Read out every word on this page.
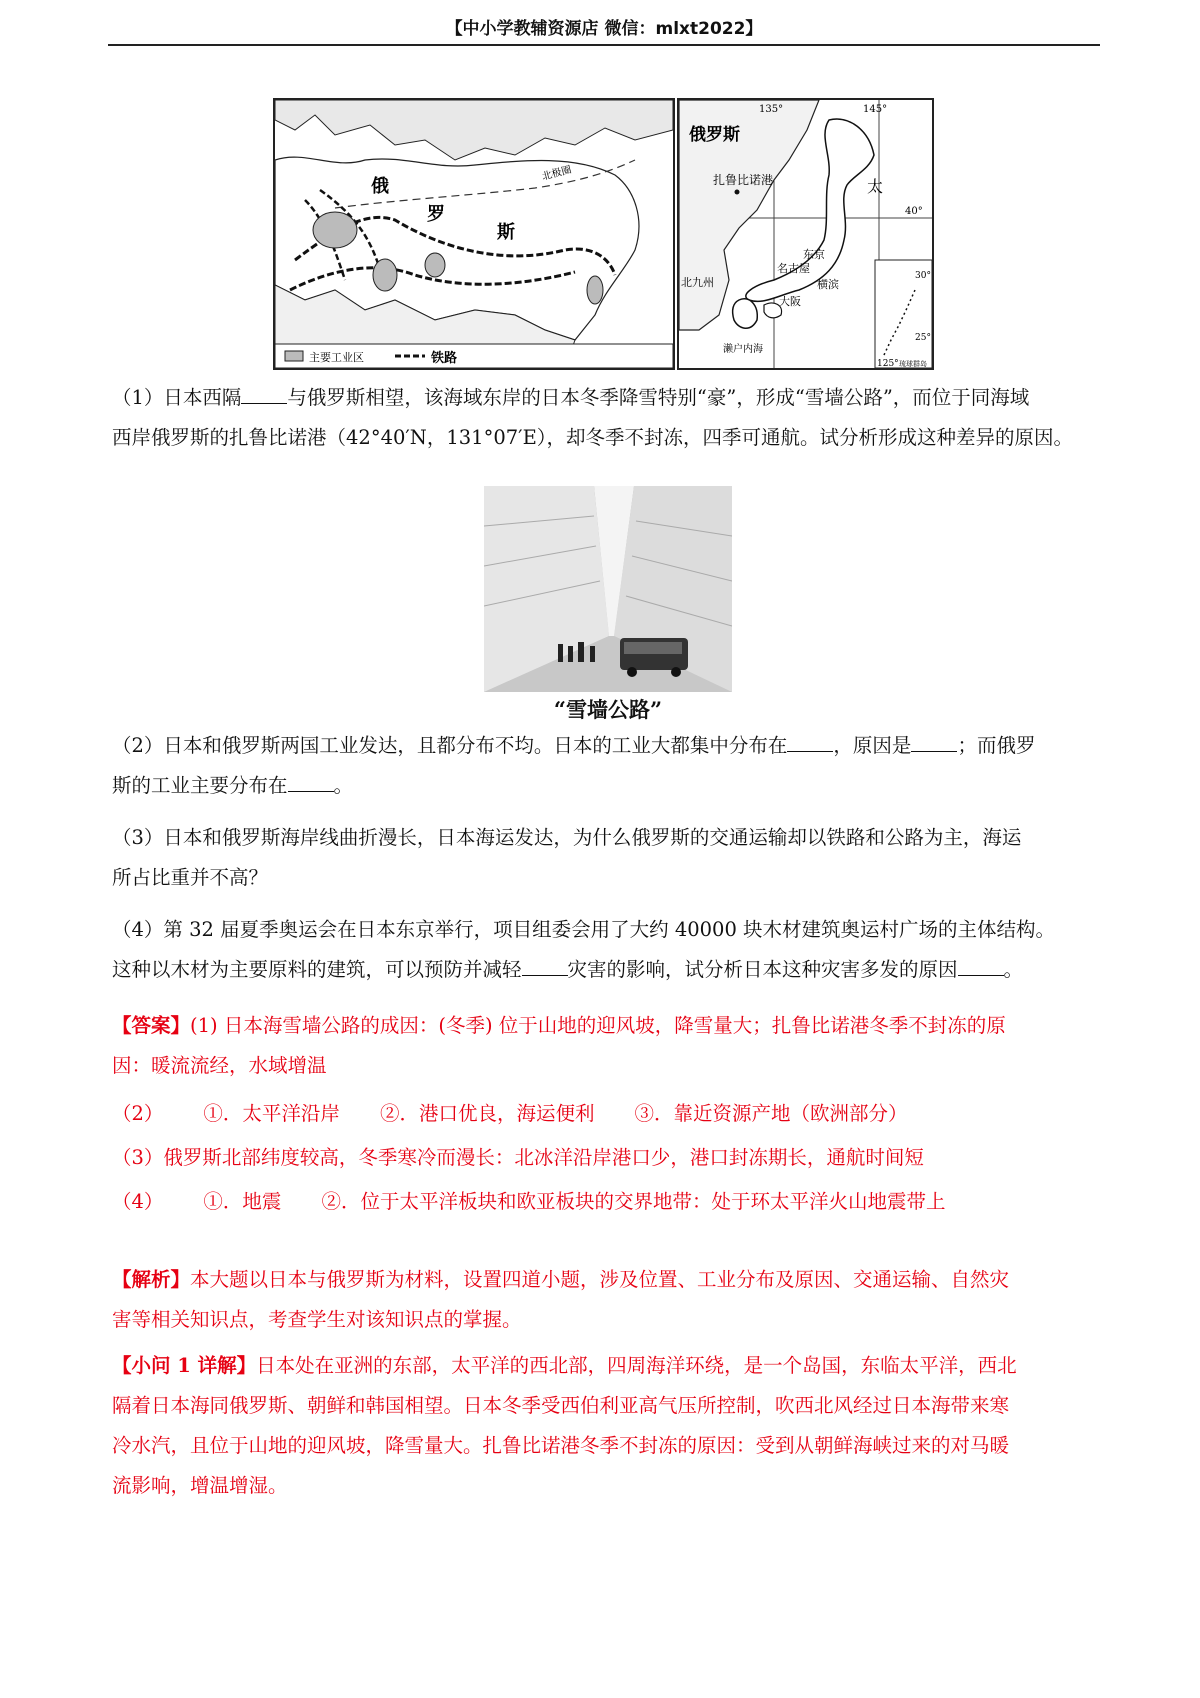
【中小学教辅资源店 微信：mlxt2022】
俄
罗
斯
北极圈
主要工业区	铁路
135°	145°
40°
30°
25°
125°
俄罗斯
扎鲁比诺港	太
东京
名古屋
横滨
北九州
大阪
濑户内海
琉球群岛
（1）日本西隔 与俄罗斯相望，该海域东岸的日本冬季降雪特别“豪”，形成“雪墙公路”，而位于同海域
西岸俄罗斯的扎鲁比诺港（42°40′N，131°07′E），却冬季不封冻，四季可通航。试分析形成这种差异的原因。
“雪墙公路”
（2）日本和俄罗斯两国工业发达，且都分布不均。日本的工业大都集中分布在 ，原因是 ；而俄罗
斯的工业主要分布在 。
（3）日本和俄罗斯海岸线曲折漫长，日本海运发达，为什么俄罗斯的交通运输却以铁路和公路为主，海运
所占比重并不高？
（4）第 32 届夏季奥运会在日本东京举行，项目组委会用了大约 40000 块木材建筑奥运村广场的主体结构。
这种以木材为主要原料的建筑，可以预防并减轻 灾害的影响，试分析日本这种灾害多发的原因 。
【答案】(1) 日本海雪墙公路的成因：(冬季) 位于山地的迎风坡，降雪量大；扎鲁比诺港冬季不封冻的原
因：暖流流经，水域增温
（2） ①．太平洋沿岸 ②．港口优良，海运便利 ③．靠近资源产地（欧洲部分）
（3）俄罗斯北部纬度较高，冬季寒冷而漫长：北冰洋沿岸港口少，港口封冻期长，通航时间短
（4） ①．地震 ②．位于太平洋板块和欧亚板块的交界地带：处于环太平洋火山地震带上
【解析】本大题以日本与俄罗斯为材料，设置四道小题，涉及位置、工业分布及原因、交通运输、自然灾
害等相关知识点，考查学生对该知识点的掌握。
【小问 1 详解】日本处在亚洲的东部，太平洋的西北部，四周海洋环绕，是一个岛国，东临太平洋，西北
隔着日本海同俄罗斯、朝鲜和韩国相望。日本冬季受西伯利亚高气压所控制，吹西北风经过日本海带来寒
冷水汽，且位于山地的迎风坡，降雪量大。扎鲁比诺港冬季不封冻的原因：受到从朝鲜海峡过来的对马暖
流影响，增温增湿。
